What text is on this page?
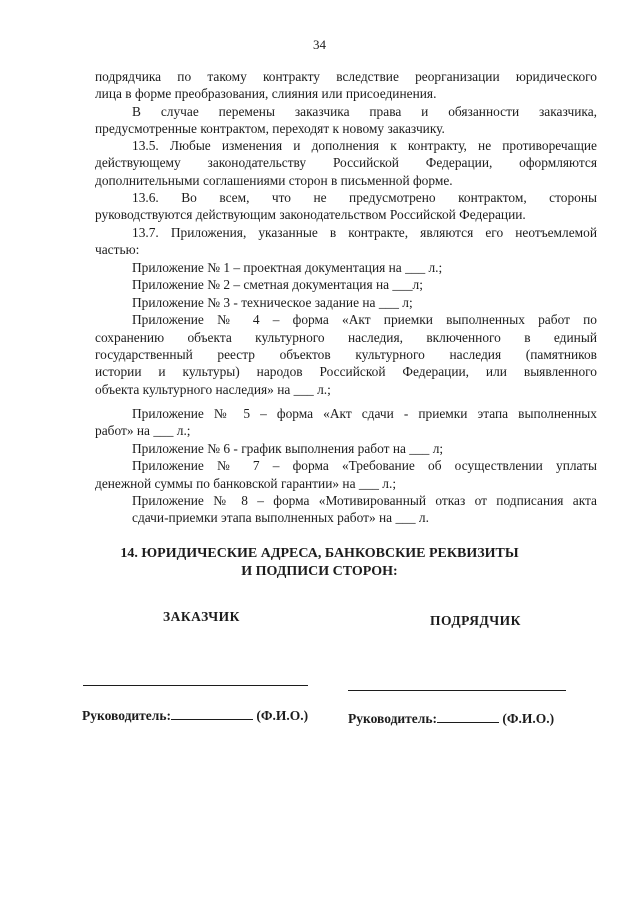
34

подрядчика по такому контракту вследствие реорганизации юридического

лица в форме преобразования, слияния или присоединения.

В случае перемены заказчика права и обязанности заказчика,

предусмотренные контрактом, переходят к новому заказчику.

13.5. Любые изменения и дополнения к контракту, не противоречащие

действующему законодательству Российской Федерации, оформляются

дополнительными соглашениями сторон в письменной форме.

13.6. Во всем, что не предусмотрено контрактом, стороны

руководствуются действующим законодательством Российской Федерации.

13.7. Приложения, указанные в контракте, являются его неотъемлемой

частью:

Приложение № 1 – проектная документация на ___ л.;

Приложение № 2 – сметная документация на ___л;

Приложение № 3 - техническое задание на ___ л;

Приложение № 4 – форма «Акт приемки выполненных работ по

сохранению объекта культурного наследия, включенного в единый

государственный реестр объектов культурного наследия (памятников

истории и культуры) народов Российской Федерации, или выявленного

объекта культурного наследия» на ___ л.;

Приложение № 5 – форма «Акт сдачи - приемки этапа выполненных

работ» на ___ л.;

Приложение № 6 - график выполнения работ на ___ л;

Приложение № 7 – форма «Требование об осуществлении уплаты

денежной суммы по банковской гарантии» на ___ л.;

Приложение № 8 – форма «Мотивированный отказ от подписания акта

сдачи-приемки этапа выполненных работ» на ___ л.

14. ЮРИДИЧЕСКИЕ АДРЕСА, БАНКОВСКИЕ РЕКВИЗИТЫ
И ПОДПИСИ СТОРОН:
ЗАКАЗЧИК	ПОДРЯДЧИК
Руководитель:	(Ф.И.О.)	Руководитель:	(Ф.И.О.)
